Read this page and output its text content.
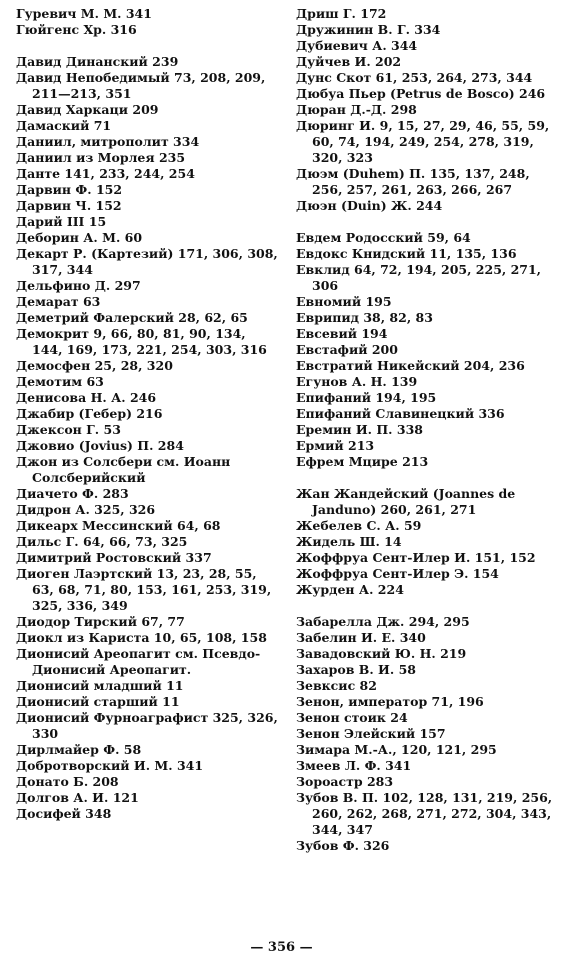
Гуревич М. М. 341
Гюйгенс Хр. 316
Давид Динанский 239
Давид Непобедимый 73, 208, 209, 211—213, 351
Давид Харкаци 209
Дамаский 71
Даниил, митрополит 334
Даниил из Морлея 235
Данте 141, 233, 244, 254
Дарвин Ф. 152
Дарвин Ч. 152
Дарий III 15
Деборин А. М. 60
Декарт Р. (Картезий) 171, 306, 308, 317, 344
Дельфино Д. 297
Демарат 63
Деметрий Фалерский 28, 62, 65
Демокрит 9, 66, 80, 81, 90, 134, 144, 169, 173, 221, 254, 303, 316
Демосфен 25, 28, 320
Демотим 63
Денисова Н. А. 246
Джабир (Гебер) 216
Джексон Г. 53
Джовио (Jovius) П. 284
Джон из Солсбери см. Иоанн Солсберийский
Диачето Ф. 283
Дидрон А. 325, 326
Дикеарх Мессинский 64, 68
Дильс Г. 64, 66, 73, 325
Димитрий Ростовский 337
Диоген Лаэртский 13, 23, 28, 55, 63, 68, 71, 80, 153, 161, 253, 319, 325, 336, 349
Диодор Тирский 67, 77
Диокл из Кариста 10, 65, 108, 158
Дионисий Ареопагит см. Псевдо-Дионисий Ареопагит.
Дионисий младший 11
Дионисий старший 11
Дионисий Фурноаграфист 325, 326, 330
Дирлмайер Ф. 58
Добротворский И. М. 341
Донато Б. 208
Долгов А. И. 121
Досифей 348
Дриш Г. 172
Дружинин В. Г. 334
Дубиевич А. 344
Дуйчев И. 202
Дунс Скот 61, 253, 264, 273, 344
Дюбуа Пьер (Petrus de Bosco) 246
Дюран Д.-Д. 298
Дюринг И. 9, 15, 27, 29, 46, 55, 59, 60, 74, 194, 249, 254, 278, 319, 320, 323
Дюэм (Duhem) П. 135, 137, 248, 256, 257, 261, 263, 266, 267
Дюэн (Duin) Ж. 244
Евдем Родосский 59, 64
Евдокс Книдский 11, 135, 136
Евклид 64, 72, 194, 205, 225, 271, 306
Евномий 195
Еврипид 38, 82, 83
Евсевий 194
Евстафий 200
Евстратий Никейский 204, 236
Егунов А. Н. 139
Епифаний 194, 195
Епифаний Славинецкий 336
Еремин И. П. 338
Ермий 213
Ефрем Мцире 213
Жан Жандейский (Joannes de Janduno) 260, 261, 271
Жебелев С. А. 59
Жидель Ш. 14
Жоффруа Сент-Илер И. 151, 152
Жоффруа Сент-Илер Э. 154
Журден А. 224
Забарелла Дж. 294, 295
Забелин И. Е. 340
Завадовский Ю. Н. 219
Захаров В. И. 58
Зевксис 82
Зенон, император 71, 196
Зенон стоик 24
Зенон Элейский 157
Зимара М.-А., 120, 121, 295
Змеев Л. Ф. 341
Зороастр 283
Зубов В. П. 102, 128, 131, 219, 256, 260, 262, 268, 271, 272, 304, 343, 344, 347
Зубов Ф. 326
— 356 —
